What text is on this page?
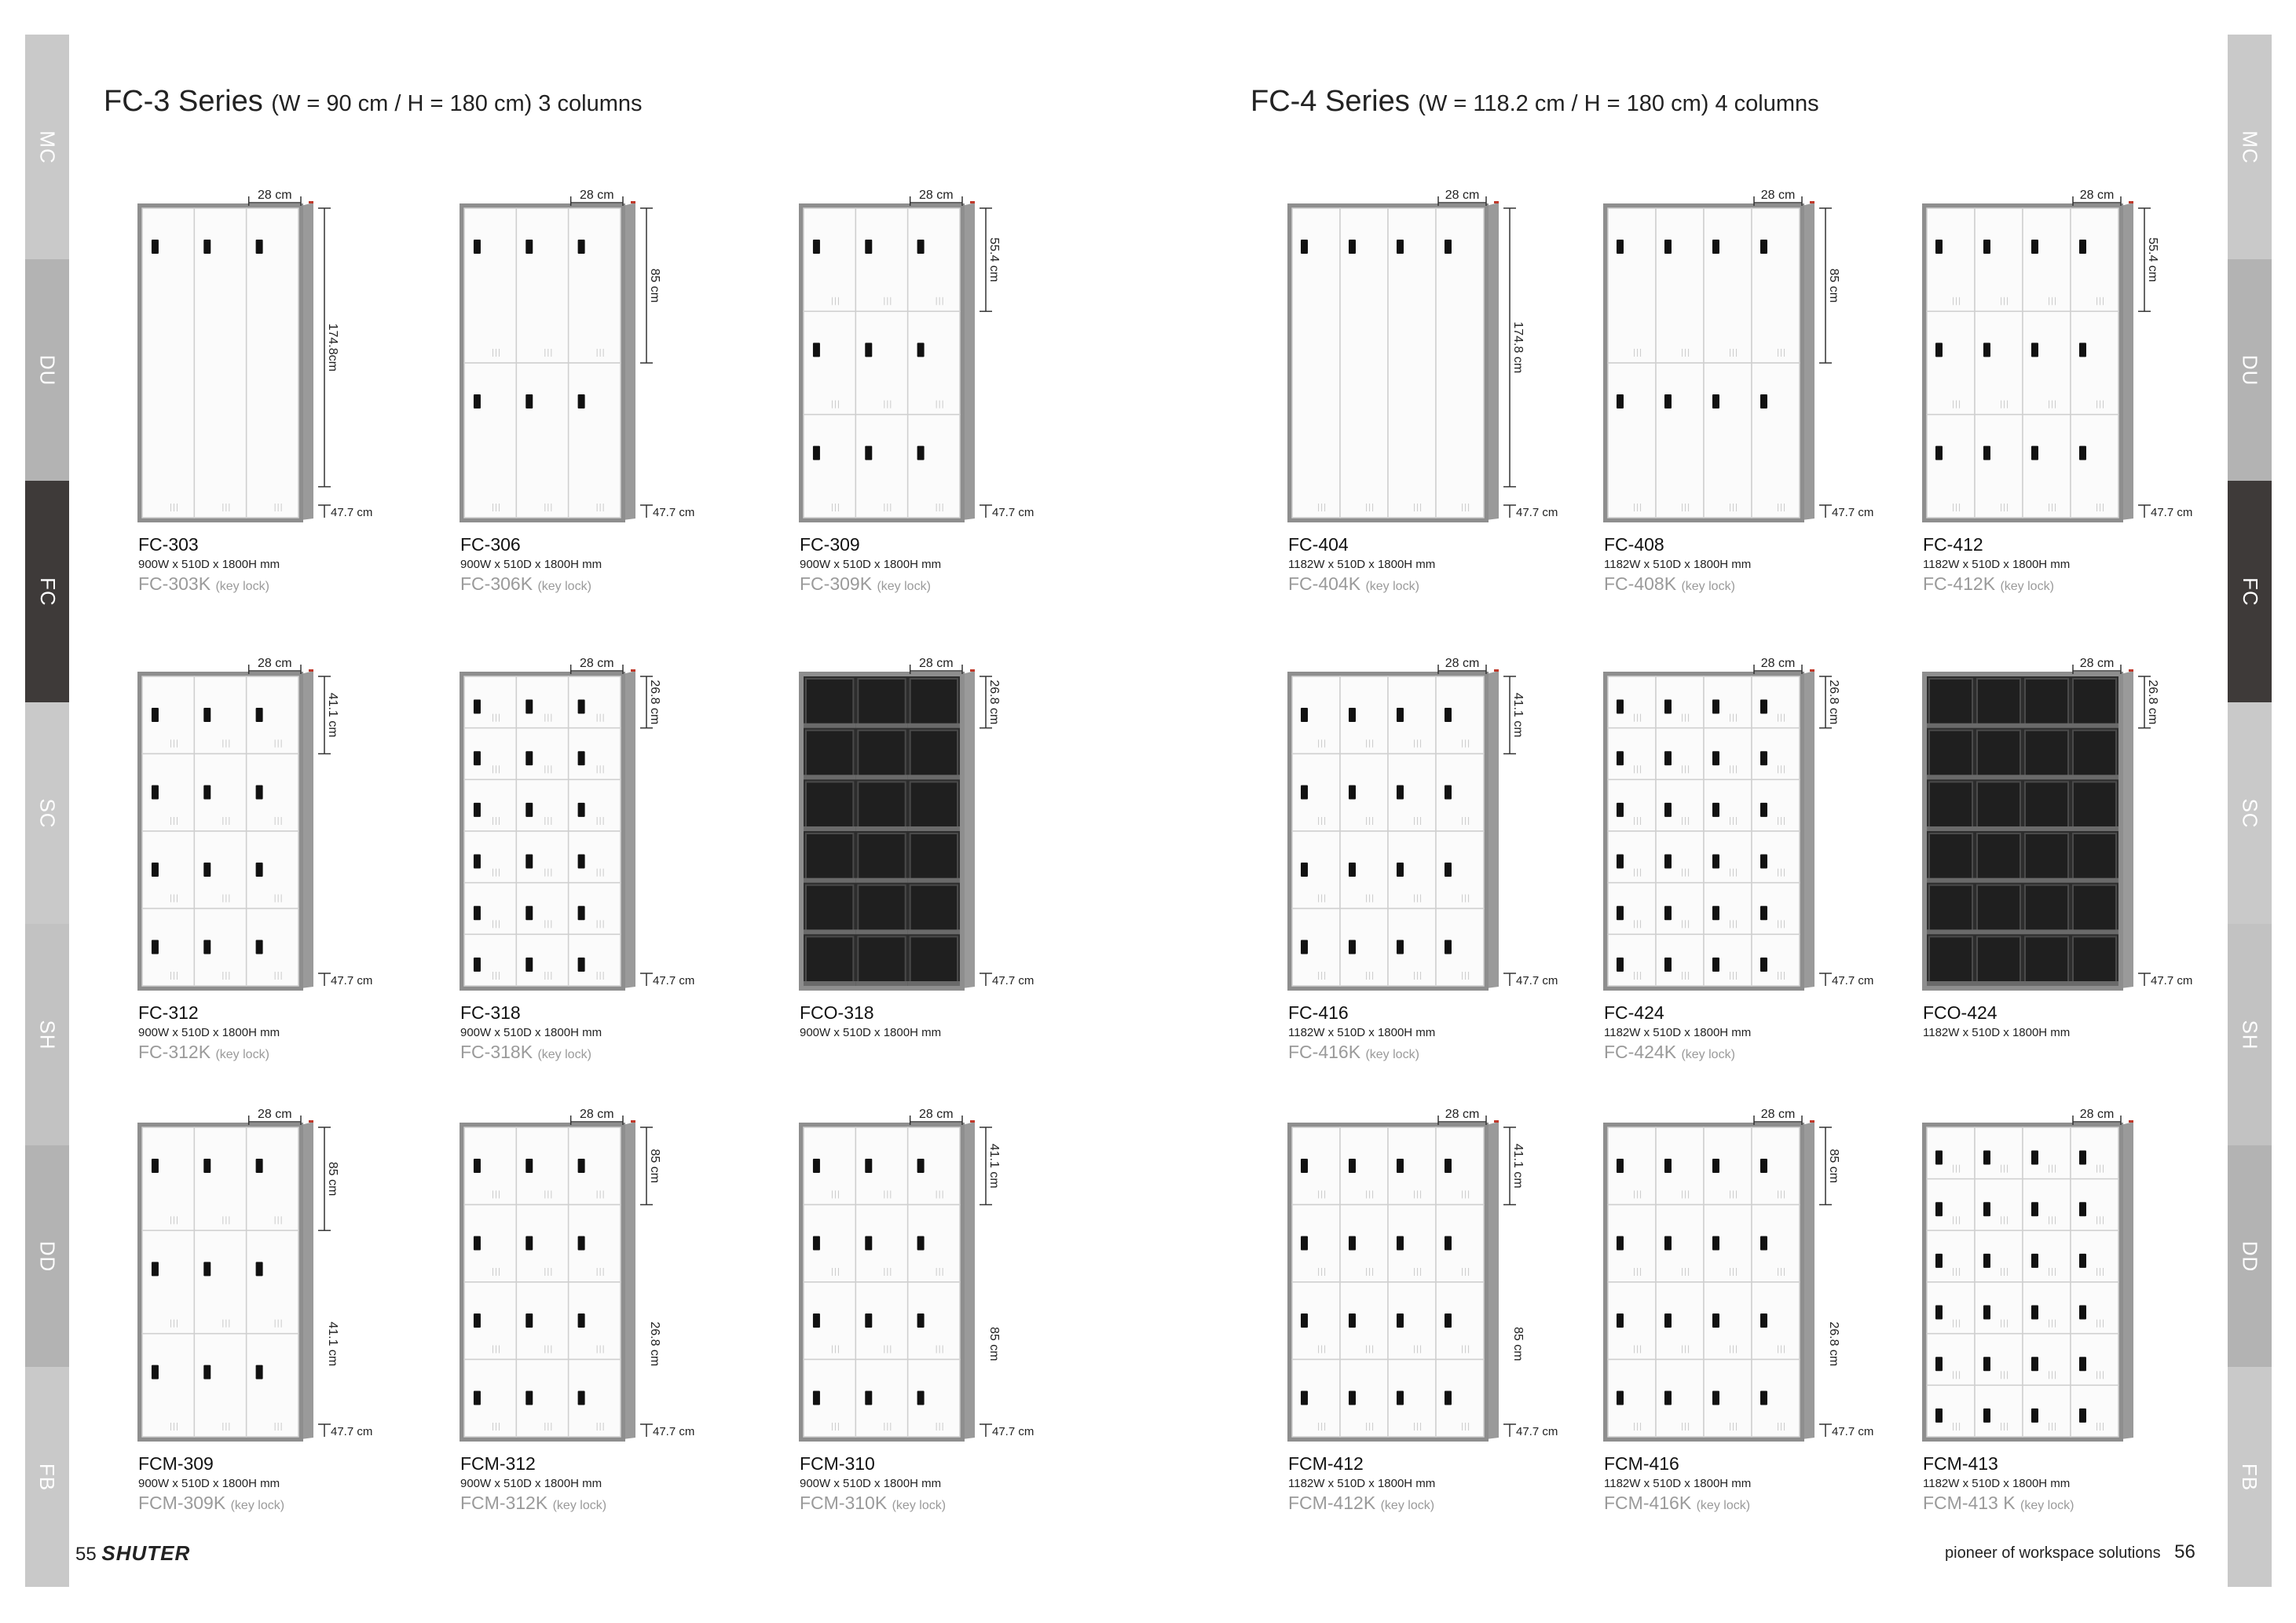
MC
DU
FC
SC
SH
DD
FB
MC
DU
FC
SC
SH
DD
FB
FC-3 Series (W = 90 cm / H = 180 cm) 3 columns	FC-4 Series (W = 118.2 cm / H = 180 cm) 4 columns
28 cm
174.8cm
47.7 cm
FC-303
900W x 510D x 1800H mm
FC-303K (key lock)
28 cm
85 cm
47.7 cm
FC-306
900W x 510D x 1800H mm
FC-306K (key lock)
28 cm
55.4 cm
47.7 cm
FC-309
900W x 510D x 1800H mm
FC-309K (key lock)
28 cm
174.8 cm
47.7 cm
FC-404
1182W x 510D x 1800H mm
FC-404K (key lock)
28 cm
85 cm
47.7 cm
FC-408
1182W x 510D x 1800H mm
FC-408K (key lock)
28 cm
55.4 cm
47.7 cm
FC-412
1182W x 510D x 1800H mm
FC-412K (key lock)
28 cm
41.1 cm
47.7 cm
FC-312
900W x 510D x 1800H mm
FC-312K (key lock)
28 cm
26.8 cm
47.7 cm
FC-318
900W x 510D x 1800H mm
FC-318K (key lock)
28 cm
26.8 cm
47.7 cm
FCO-318
900W x 510D x 1800H mm
28 cm
41.1 cm
47.7 cm
FC-416
1182W x 510D x 1800H mm
FC-416K (key lock)
28 cm
26.8 cm
47.7 cm
FC-424
1182W x 510D x 1800H mm
FC-424K (key lock)
28 cm
26.8 cm
47.7 cm
FCO-424
1182W x 510D x 1800H mm
28 cm
85 cm
41.1 cm
47.7 cm
FCM-309
900W x 510D x 1800H mm
FCM-309K (key lock)
28 cm
85 cm
26.8 cm
47.7 cm
FCM-312
900W x 510D x 1800H mm
FCM-312K (key lock)
28 cm
41.1 cm
85 cm
47.7 cm
FCM-310
900W x 510D x 1800H mm
FCM-310K (key lock)
28 cm
41.1 cm
85 cm
47.7 cm
FCM-412
1182W x 510D x 1800H mm
FCM-412K (key lock)
28 cm
85 cm
26.8 cm
47.7 cm
FCM-416
1182W x 510D x 1800H mm
FCM-416K (key lock)
28 cm
FCM-413
1182W x 510D x 1800H mm
FCM-413 K (key lock)
55 SHUTER	pioneer of workspace solutions 56
